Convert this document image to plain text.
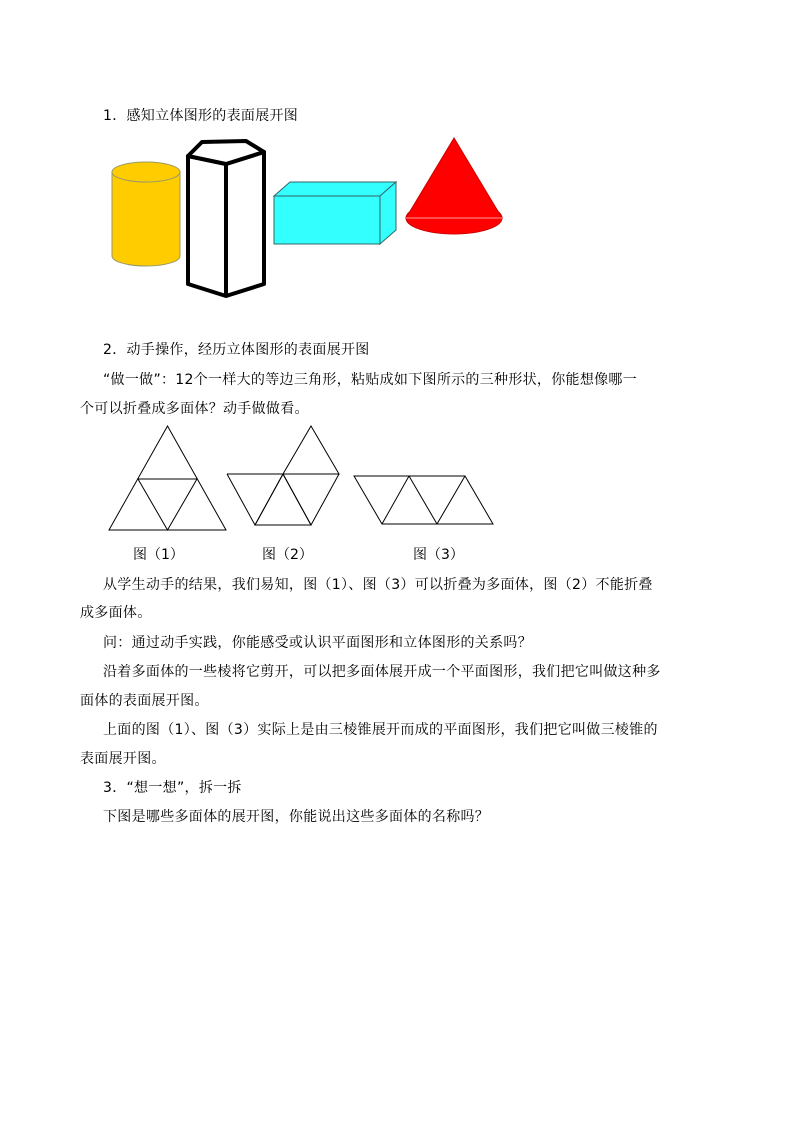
1．感知立体图形的表面展开图
2．动手操作，经历立体图形的表面展开图
“做一做”：12个一样大的等边三角形，粘贴成如下图所示的三种形状，你能想像哪一
个可以折叠成多面体？动手做做看。
图（1）	图（2）	图（3）
从学生动手的结果，我们易知，图（1）、图（3）可以折叠为多面体，图（2）不能折叠
成多面体。
问：通过动手实践，你能感受或认识平面图形和立体图形的关系吗？
沿着多面体的一些棱将它剪开，可以把多面体展开成一个平面图形，我们把它叫做这种多
面体的表面展开图。
上面的图（1）、图（3）实际上是由三棱锥展开而成的平面图形，我们把它叫做三棱锥的
表面展开图。
3．“想一想”，拆一拆
下图是哪些多面体的展开图，你能说出这些多面体的名称吗？
